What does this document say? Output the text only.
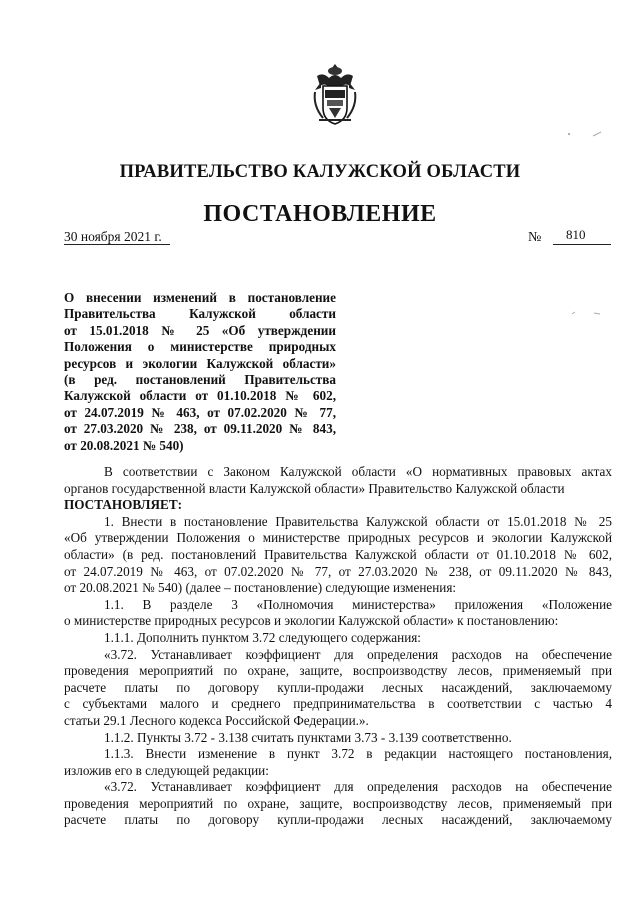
ПРАВИТЕЛЬСТВО КАЛУЖСКОЙ ОБЛАСТИ
ПОСТАНОВЛЕНИЕ
30 ноября 2021 г.	№ 810
О внесении изменений в постановление
Правительства Калужской области
от 15.01.2018 № 25 «Об утверждении
Положения о министерстве природных
ресурсов и экологии Калужской области»
(в ред. постановлений Правительства
Калужской области от 01.10.2018 № 602,
от 24.07.2019 № 463, от 07.02.2020 № 77,
от 27.03.2020 № 238, от 09.11.2020 № 843,
от 20.08.2021 № 540)

В соответствии с Законом Калужской области «О нормативных правовых актах
органов государственной власти Калужской области» Правительство Калужской области

ПОСТАНОВЛЯЕТ:

1. Внести в постановление Правительства Калужской области от 15.01.2018 № 25
«Об утверждении Положения о министерстве природных ресурсов и экологии Калужской
области» (в ред. постановлений Правительства Калужской области от 01.10.2018 № 602,
от 24.07.2019 № 463, от 07.02.2020 № 77, от 27.03.2020 № 238, от 09.11.2020 № 843,
от 20.08.2021 № 540) (далее – постановление) следующие изменения:

1.1. В разделе 3 «Полномочия министерства» приложения «Положение
о министерстве природных ресурсов и экологии Калужской области» к постановлению:

1.1.1. Дополнить пунктом 3.72 следующего содержания:

«3.72. Устанавливает коэффициент для определения расходов на обеспечение
проведения мероприятий по охране, защите, воспроизводству лесов, применяемый при
расчете платы по договору купли-продажи лесных насаждений, заключаемому
с субъектами малого и среднего предпринимательства в соответствии с частью 4
статьи 29.1 Лесного кодекса Российской Федерации.».

1.1.2. Пункты 3.72 - 3.138 считать пунктами 3.73 - 3.139 соответственно.

1.1.3. Внести изменение в пункт 3.72 в редакции настоящего постановления,
изложив его в следующей редакции:

«3.72. Устанавливает коэффициент для определения расходов на обеспечение
проведения мероприятий по охране, защите, воспроизводству лесов, применяемый при
расчете платы по договору купли-продажи лесных насаждений, заключаемому
